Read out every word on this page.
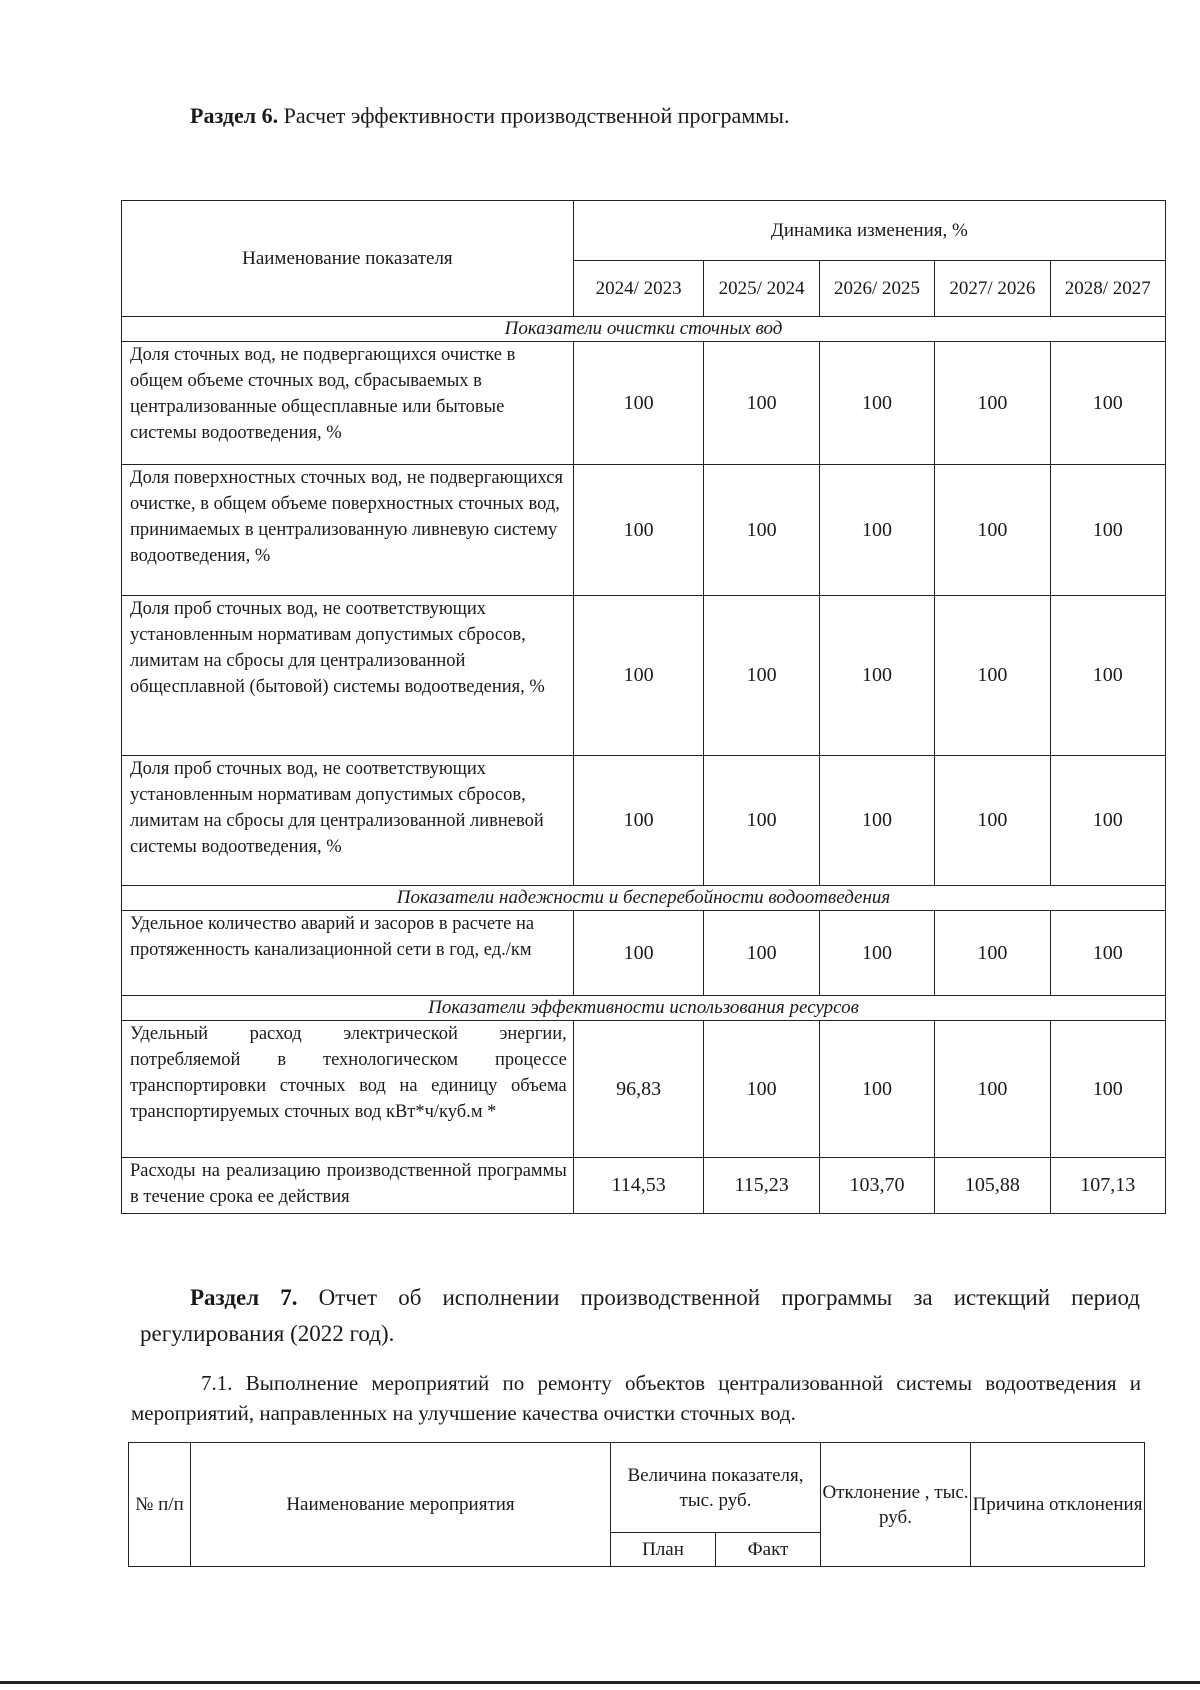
Раздел 6. Расчет эффективности производственной программы.
Наименование показателя	Динамика изменения, %				
	2024/ 2023	2025/ 2024	2026/ 2025	2027/ 2026	2028/ 2027
Показатели очистки сточных вод					
Доля сточных вод, не подвергающихся очистке в общем объеме сточных вод, сбрасываемых в централизованные общесплавные или бытовые системы водоотведения, %	100	100	100	100	100
Доля поверхностных сточных вод, не подвергающихся очистке, в общем объеме поверхностных сточных вод, принимаемых в централизованную ливневую систему водоотведения, %	100	100	100	100	100
Доля проб сточных вод, не соответствующих установленным нормативам допустимых сбросов, лимитам на сбросы для централизованной общесплавной (бытовой) системы водоотведения, %	100	100	100	100	100
Доля проб сточных вод, не соответствующих установленным нормативам допустимых сбросов, лимитам на сбросы для централизованной ливневой системы водоотведения, %	100	100	100	100	100
Показатели надежности и бесперебойности водоотведения					
Удельное количество аварий и засоров в расчете на протяженность канализационной сети в год, ед./км	100	100	100	100	100
Показатели эффективности использования ресурсов					
Удельный расход электрической энергии, потребляемой в технологическом процессе транспортировки сточных вод на единицу объема транспортируемых сточных вод кВт*ч/куб.м *	96,83	100	100	100	100
Расходы на реализацию производственной программы в течение срока ее действия	114,53	115,23	103,70	105,88	107,13
Раздел 7. Отчет об исполнении производственной программы за истекщий период регулирования (2022 год).
7.1. Выполнение мероприятий по ремонту объектов централизованной системы водоотведения и мероприятий, направленных на улучшение качества очистки сточных вод.
№ п/п	Наименование мероприятия	Величина показателя, тыс. руб.		Отклонение , тыс. руб.	Причина отклонения
		План	Факт		
